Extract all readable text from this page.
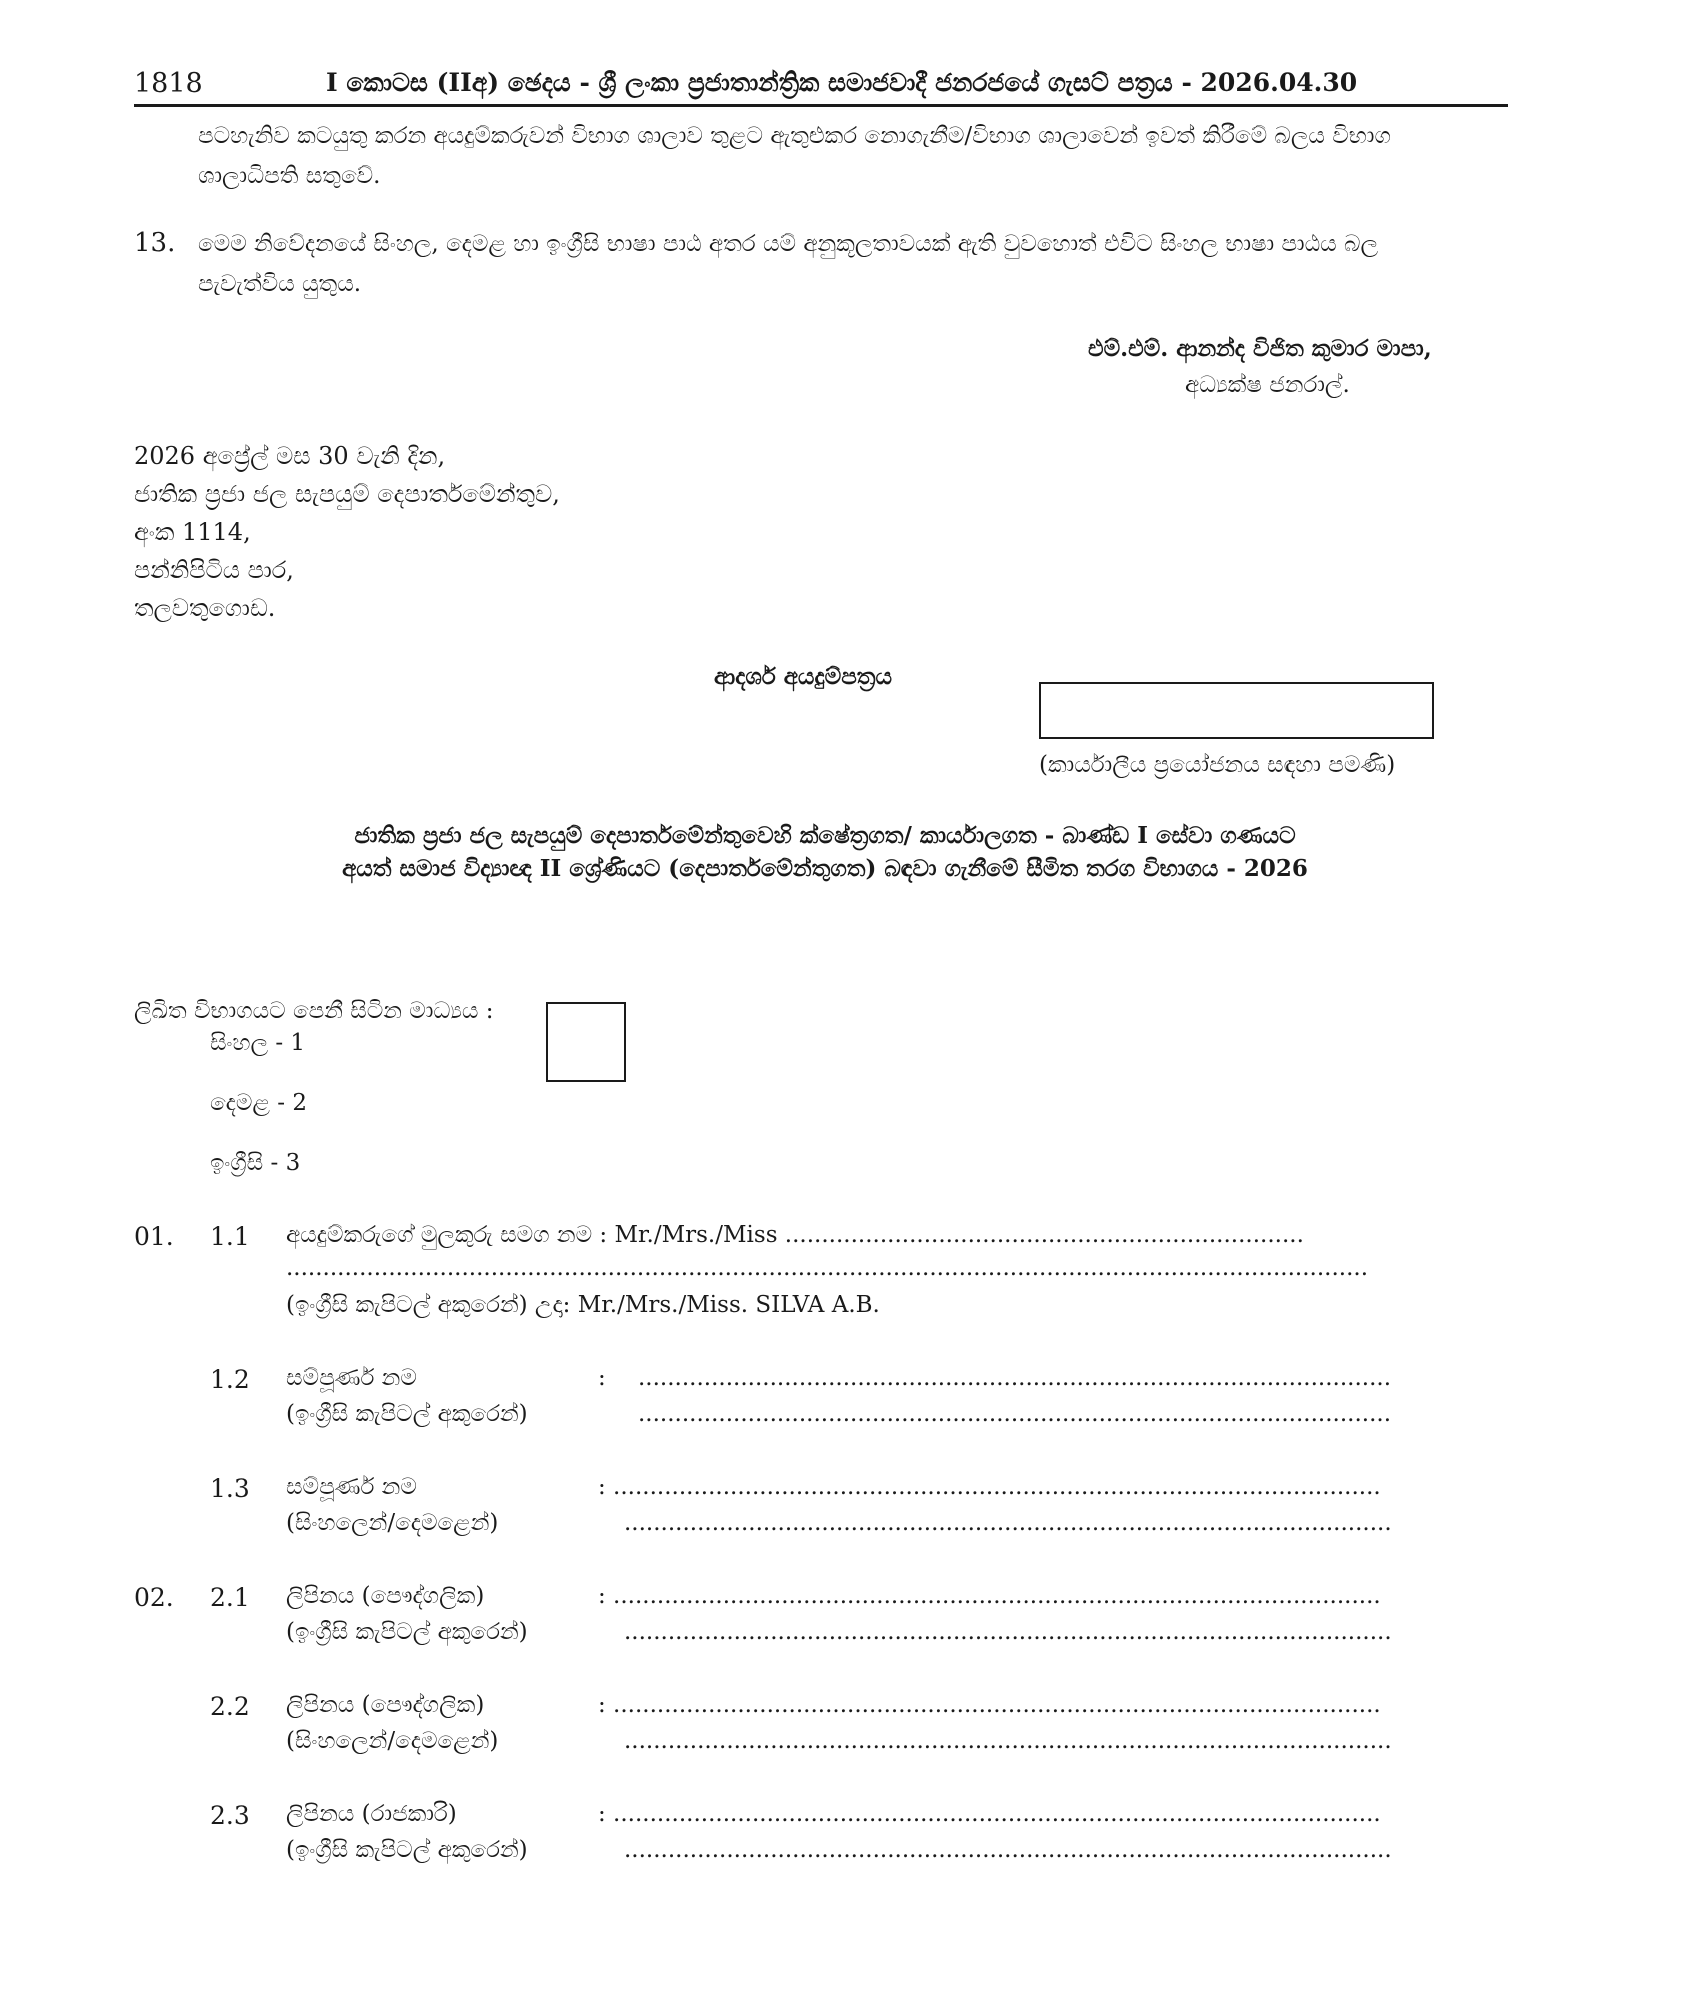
1818	I කොටස (IIඅ) ඡෙදය - ශ්‍රී ලංකා ප්‍රජාතාන්ත්‍රික සමාජවාදී ජනරජයේ ගැසට් පත්‍රය - 2026.04.30
පටහැනිව කටයුතු කරන අයදුම්කරුවන් විභාග ශාලාව තුළට ඇතුළුකර නොගැනීම/විභාග ශාලාවෙන් ඉවත් කිරීමේ බලය විභාග
ශාලාධිපති සතුවේ.
13. මෙම නිවේදනයේ සිංහල, දෙමළ හා ඉංග්‍රීසි භාෂා පාඨ අතර යම් අනුකූලතාවයක් ඇති වුවහොත් එවිට සිංහල භාෂා පාඨය බල
පැවැත්විය යුතුය.
එම්.එම්. ආනන්ද විජිත කුමාර මාපා,
අධ්‍යක්ෂ ජනරාල්.
2026 අප්‍රේල් මස 30 වැනි දින,
ජාතික ප්‍රජා ජල සැපයුම් දෙපාර්තමේන්තුව,
අංක 1114,
පන්නිපිටිය පාර,
තලවතුගොඩ.
ආදර්ශ අයදුම්පත්‍රය
(කාර්යාලීය ප්‍රයෝජනය සඳහා පමණි)
ජාතික ප්‍රජා ජල සැපයුම් දෙපාර්තමේන්තුවෙහි ක්ෂේත්‍රගත/ කාර්යාලගත - බාණ්ඩ I සේවා ගණයට
අයත් සමාජ විද්‍යාඥ II ශ්‍රේණියට (දෙපාර්තමේන්තුගත) බඳවා ගැනීමේ සීමිත තරග විභාගය - 2026
ලිඛිත විභාගයට පෙනී සිටින මාධ්‍යය :
සිංහල - 1
දෙමළ - 2
ඉංග්‍රීසි - 3
01. 1.1 අයදුම්කරුගේ මුලකුරු සමග නම : Mr./Mrs./Miss .......................................................................
....................................................................................................................................................
(ඉංග්‍රීසි කැපිටල් අකුරෙන්) උදා: Mr./Mrs./Miss. SILVA A.B.
1.2 සම්පූර්ණ නම
(ඉංග්‍රීසි කැපිටල් අකුරෙන්)
: .......................................................................................................
.......................................................................................................
1.3 සම්පූර්ණ නම
(සිංහලෙන්/දෙමළෙන්)
: .........................................................................................................
.........................................................................................................
02. 2.1 ලිපිනය (පෞද්ගලික)
(ඉංග්‍රීසි කැපිටල් අකුරෙන්)
: .........................................................................................................
.........................................................................................................
2.2 ලිපිනය (පෞද්ගලික)
(සිංහලෙන්/දෙමළෙන්)
: .........................................................................................................
.........................................................................................................
2.3 ලිපිනය (රාජකාරි)
(ඉංග්‍රීසි කැපිටල් අකුරෙන්)
: .........................................................................................................
.........................................................................................................
